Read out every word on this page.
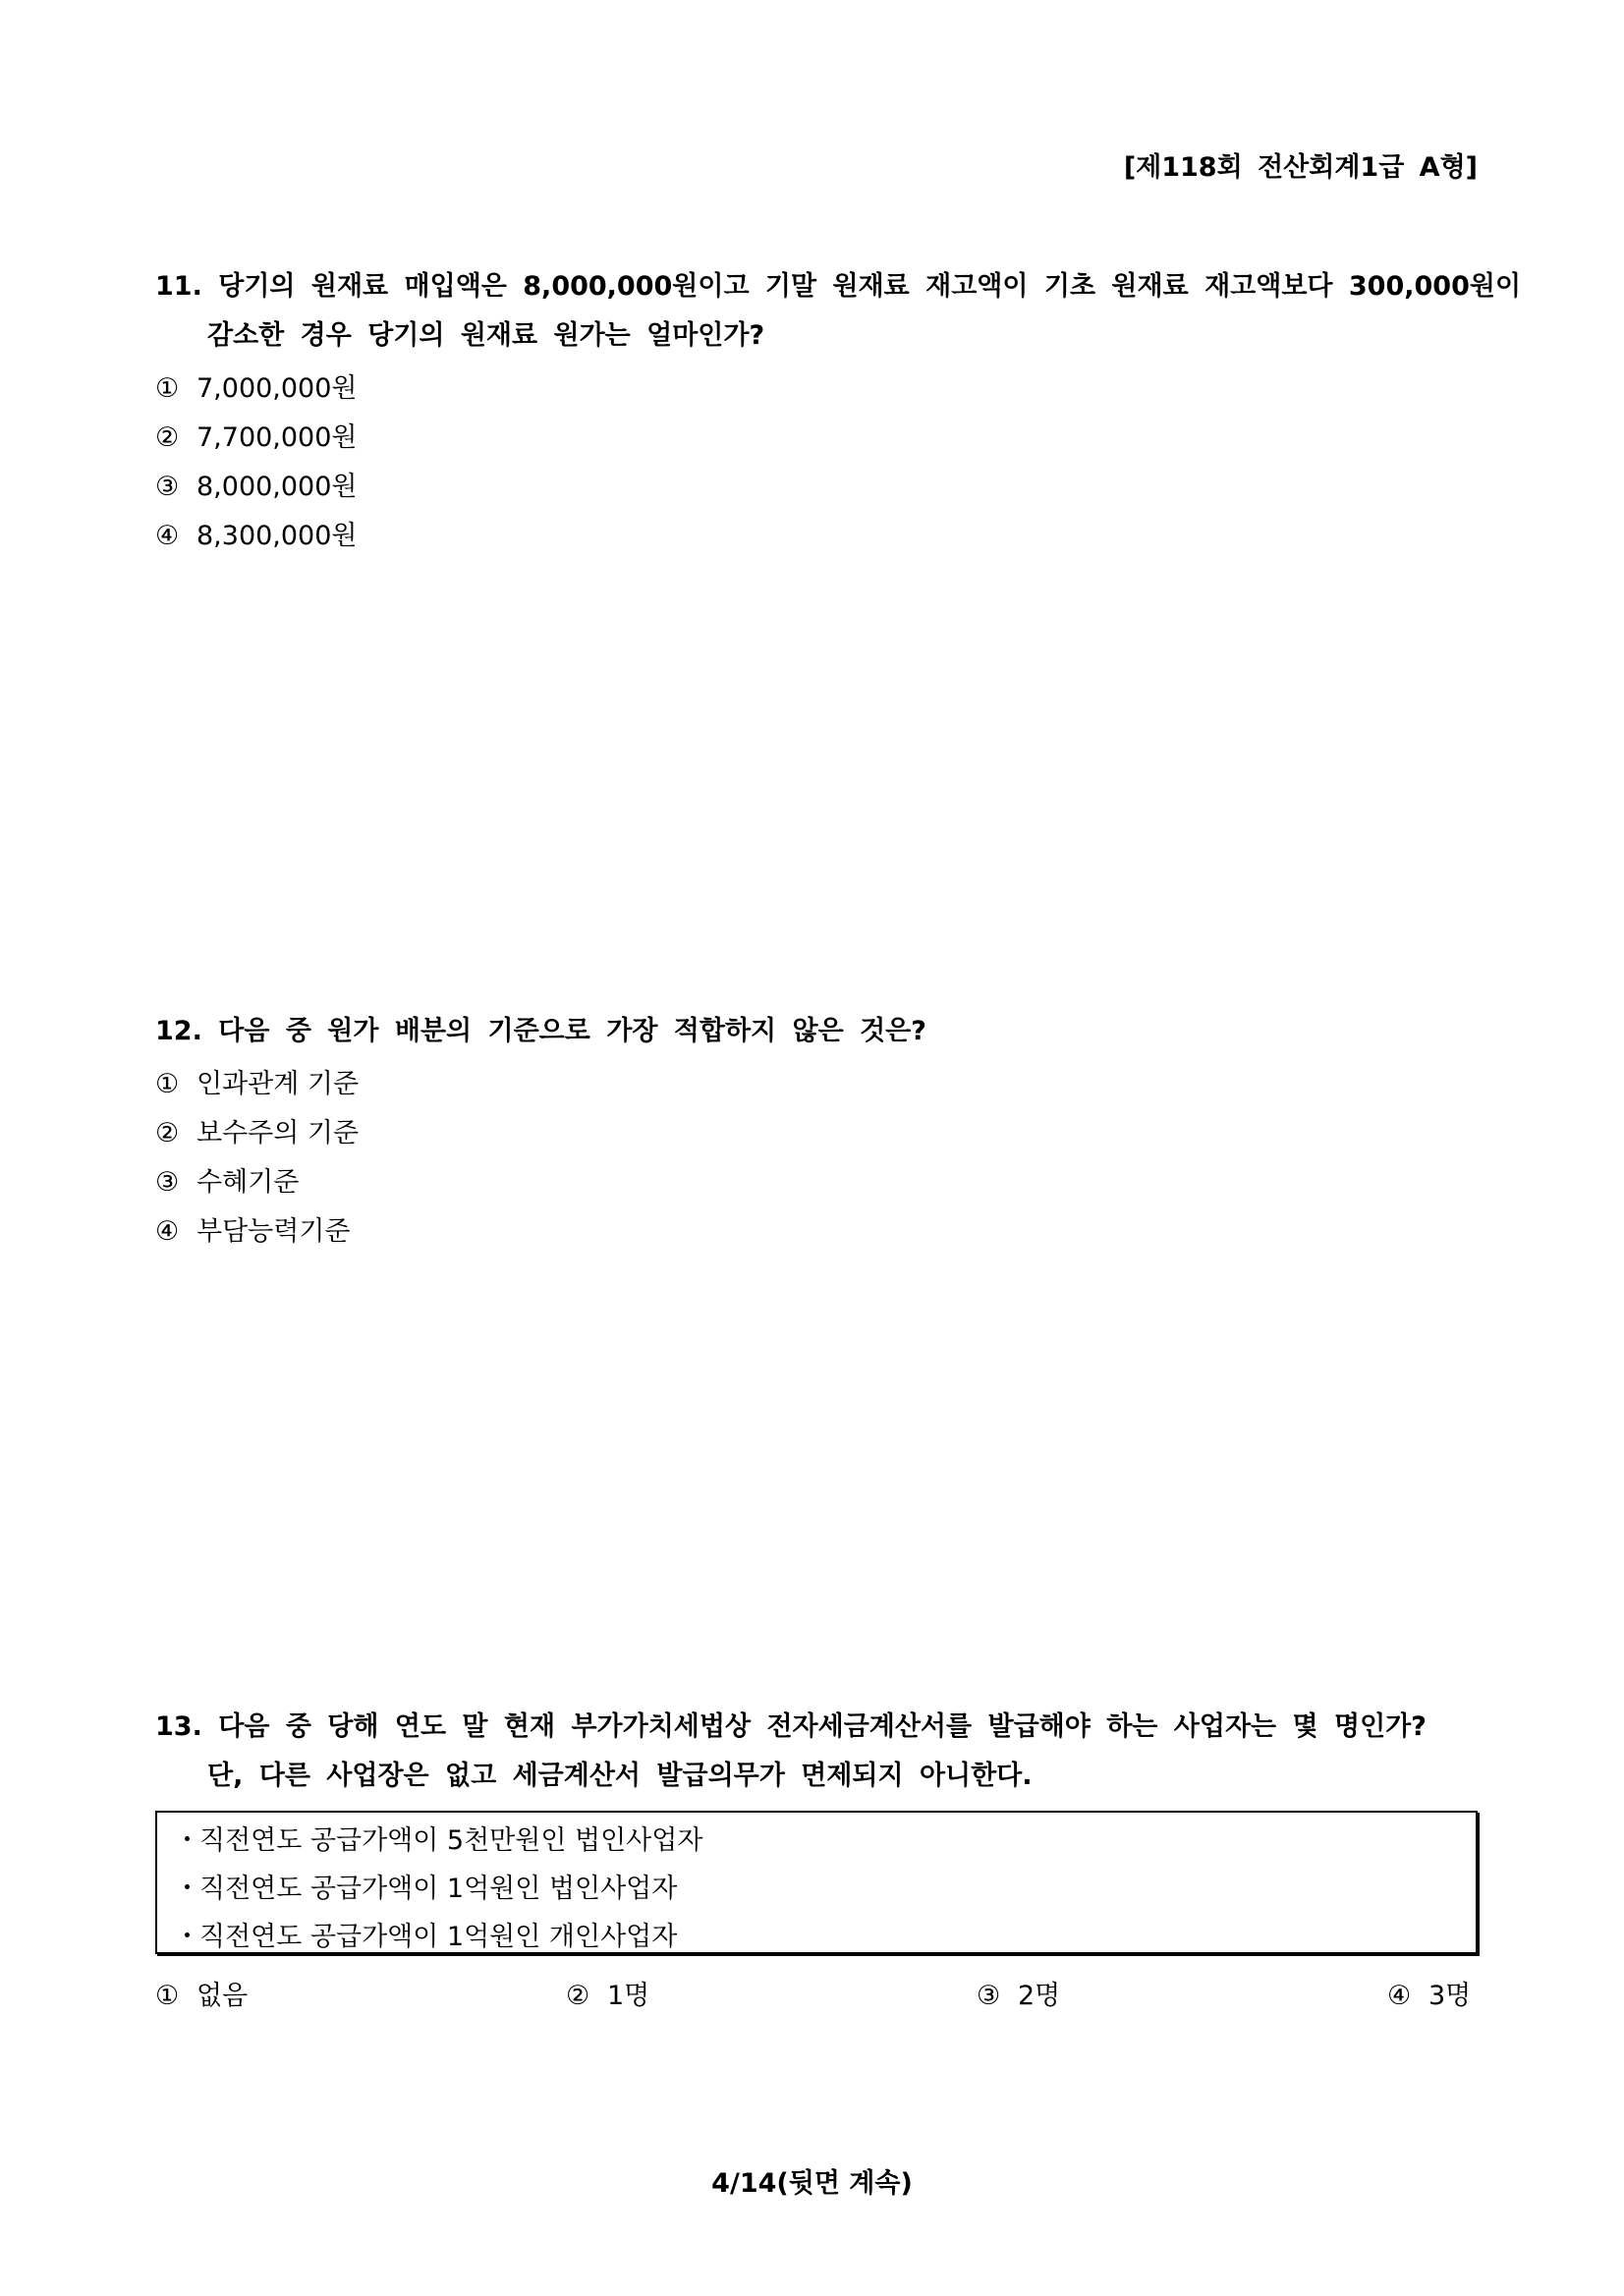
[제118회 전산회계1급 A형]
11. 당기의 원재료 매입액은 8,000,000원이고 기말 원재료 재고액이 기초 원재료 재고액보다 300,000원이
감소한 경우 당기의 원재료 원가는 얼마인가?
① 7,000,000원
② 7,700,000원
③ 8,000,000원
④ 8,300,000원
12. 다음 중 원가 배분의 기준으로 가장 적합하지 않은 것은?
① 인과관계 기준
② 보수주의 기준
③ 수혜기준
④ 부담능력기준
13. 다음 중 당해 연도 말 현재 부가가치세법상 전자세금계산서를 발급해야 하는 사업자는 몇 명인가?
단, 다른 사업장은 없고 세금계산서 발급의무가 면제되지 아니한다.
・직전연도 공급가액이 5천만원인 법인사업자
・직전연도 공급가액이 1억원인 법인사업자
・직전연도 공급가액이 1억원인 개인사업자
① 없음	② 1명	③ 2명	④ 3명
4/14(뒷면 계속)
